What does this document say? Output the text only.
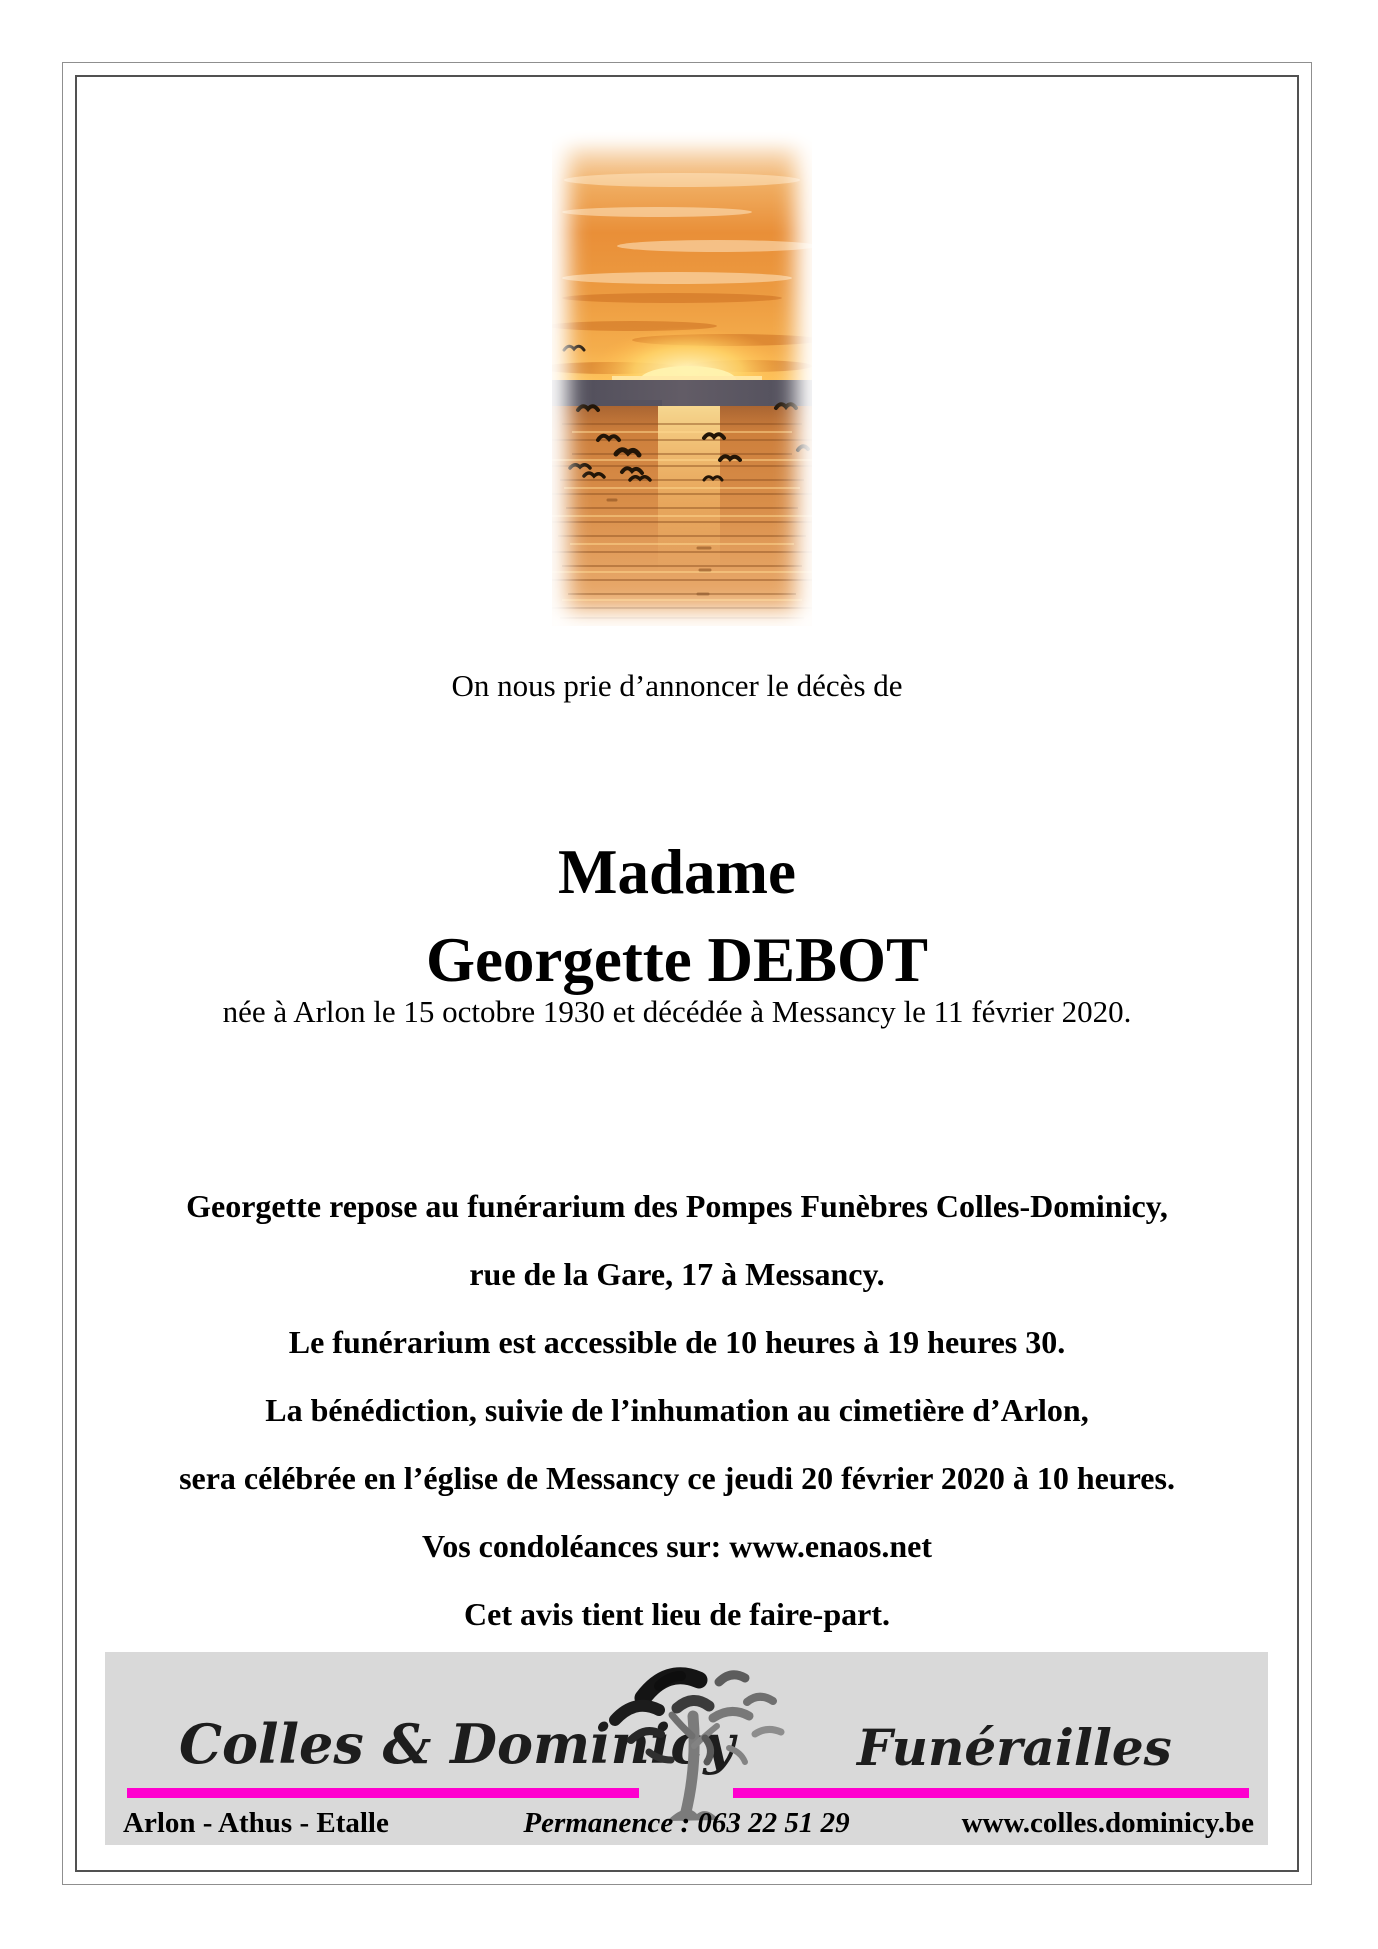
On nous prie d’annoncer le décès de
Madame
Georgette DEBOT
née à Arlon le 15 octobre 1930 et décédée à Messancy le 11 février 2020.
Georgette repose au funérarium des Pompes Funèbres Colles-Dominicy,
rue de la Gare, 17 à Messancy.
Le funérarium est accessible de 10 heures à 19 heures 30.
La bénédiction, suivie de l’inhumation au cimetière d’Arlon,
sera célébrée en l’église de Messancy ce jeudi 20 février 2020 à 10 heures.
Vos condoléances sur: www.enaos.net
Cet avis tient lieu de faire-part.
Colles & Dominicy Funérailles
Arlon - Athus - Etalle	Permanence : 063 22 51 29	www.colles.dominicy.be
